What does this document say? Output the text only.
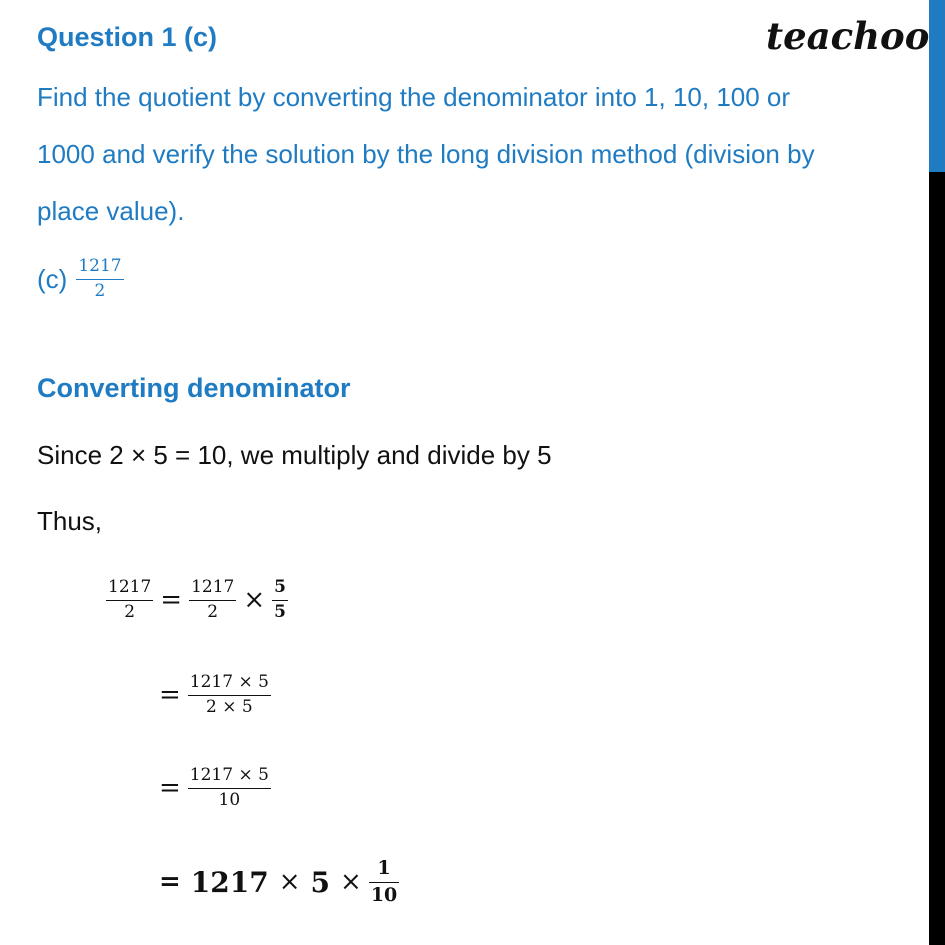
teachoo
Question 1 (c)
Find the quotient by converting the denominator into 1, 10, 100 or
1000 and verify the solution by the long division method (division by
place value).
$(c) \frac{1217}{2}$
Converting denominator
Since 2 × 5 = 10, we multiply and divide by 5
Thus,
$\frac{1217}{2} = \frac{1217}{2} \times \frac{5}{5}$
= $\frac{1217 \times 5}{2 \times 5}$
= $\frac{1217 \times 5}{10}$
= $1217 \times 5 \times \frac{1}{10}$
